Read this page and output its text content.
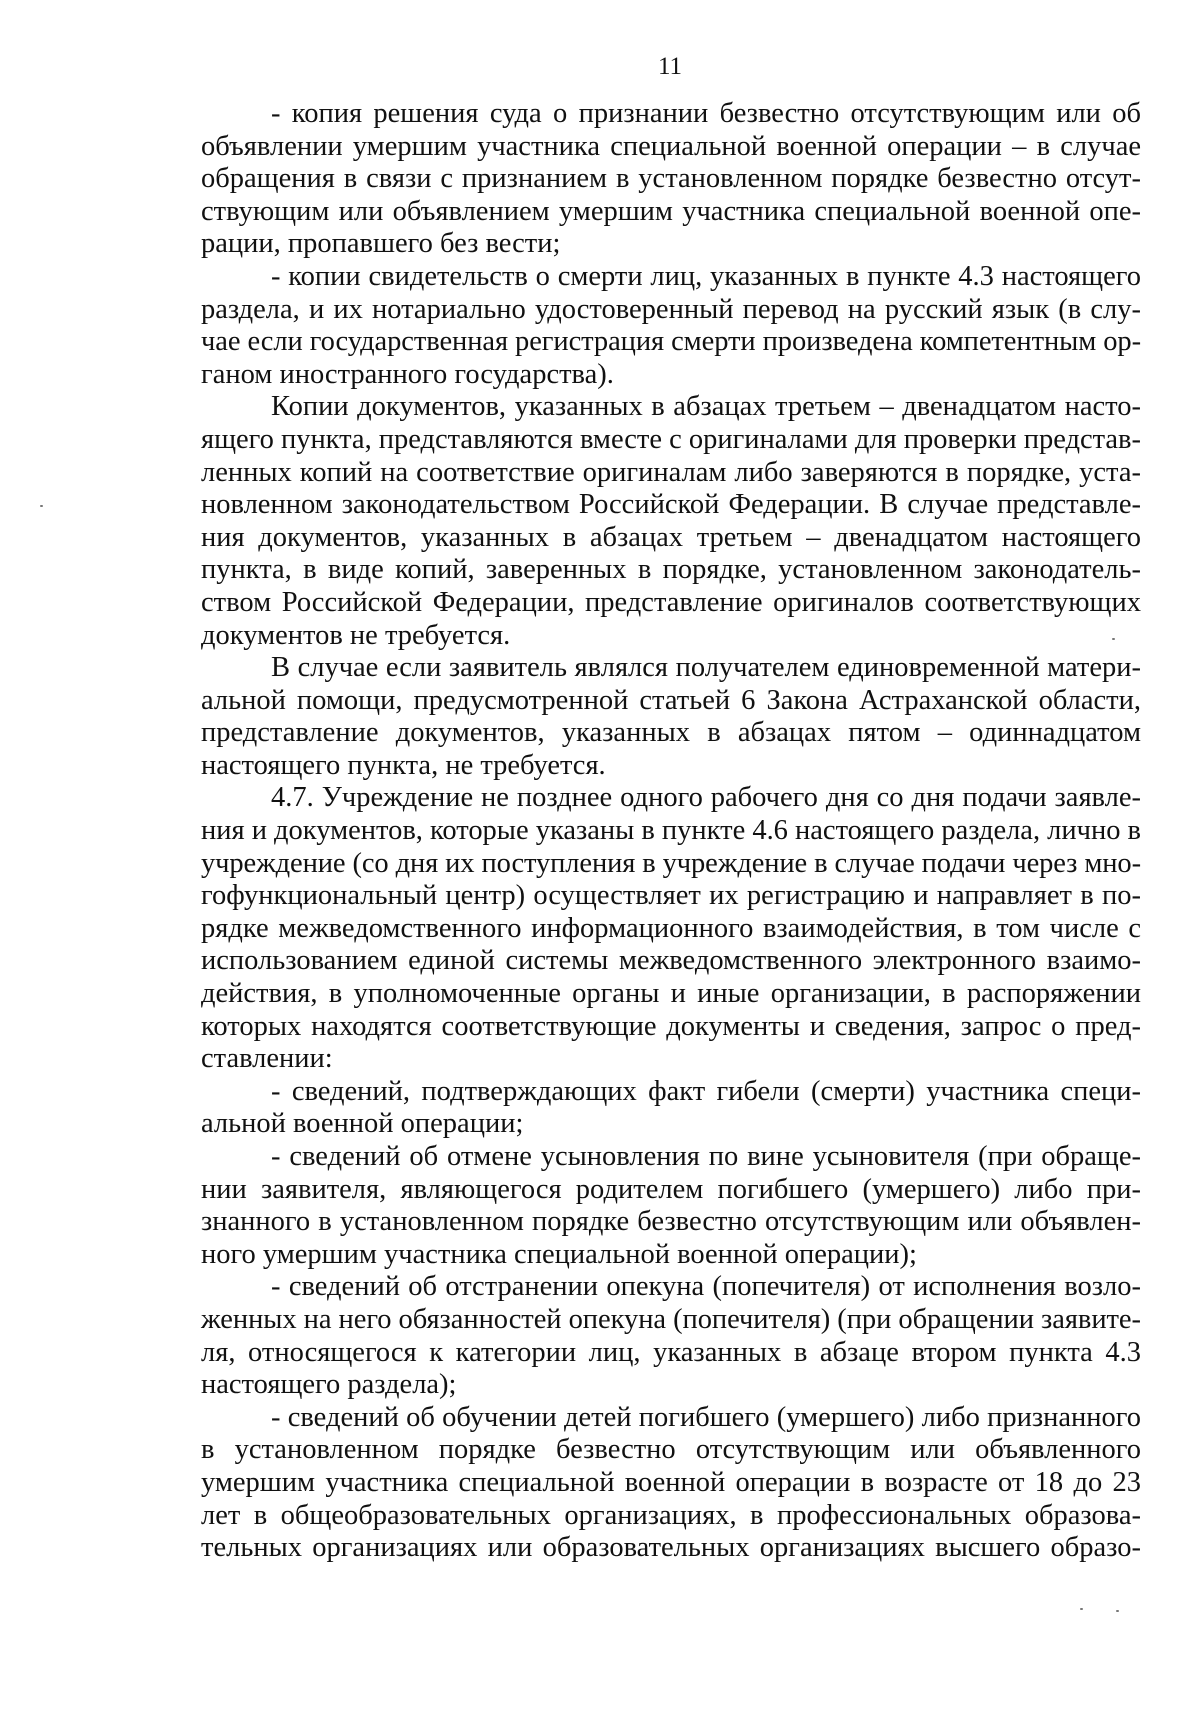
11

- копия решения суда о признании безвестно отсутствующим или об
объявлении умершим участника специальной военной операции – в случае
обращения в связи с признанием в установленном порядке безвестно отсут-
ствующим или объявлением умершим участника специальной военной опе-
рации, пропавшего без вести;

- копии свидетельств о смерти лиц, указанных в пункте 4.3 настоящего
раздела, и их нотариально удостоверенный перевод на русский язык (в слу-
чае если государственная регистрация смерти произведена компетентным ор-
ганом иностранного государства).

Копии документов, указанных в абзацах третьем – двенадцатом насто-
ящего пункта, представляются вместе с оригиналами для проверки представ-
ленных копий на соответствие оригиналам либо заверяются в порядке, уста-
новленном законодательством Российской Федерации. В случае представле-
ния документов, указанных в абзацах третьем – двенадцатом настоящего
пункта, в виде копий, заверенных в порядке, установленном законодатель-
ством Российской Федерации, представление оригиналов соответствующих
документов не требуется.

В случае если заявитель являлся получателем единовременной матери-
альной помощи, предусмотренной статьей 6 Закона Астраханской области,
представление документов, указанных в абзацах пятом – одиннадцатом
настоящего пункта, не требуется.

4.7. Учреждение не позднее одного рабочего дня со дня подачи заявле-
ния и документов, которые указаны в пункте 4.6 настоящего раздела, лично в
учреждение (со дня их поступления в учреждение в случае подачи через мно-
гофункциональный центр) осуществляет их регистрацию и направляет в по-
рядке межведомственного информационного взаимодействия, в том числе с
использованием единой системы межведомственного электронного взаимо-
действия, в уполномоченные органы и иные организации, в распоряжении
которых находятся соответствующие документы и сведения, запрос о пред-
ставлении:

- сведений, подтверждающих факт гибели (смерти) участника специ-
альной военной операции;

- сведений об отмене усыновления по вине усыновителя (при обраще-
нии заявителя, являющегося родителем погибшего (умершего) либо при-
знанного в установленном порядке безвестно отсутствующим или объявлен-
ного умершим участника специальной военной операции);

- сведений об отстранении опекуна (попечителя) от исполнения возло-
женных на него обязанностей опекуна (попечителя) (при обращении заявите-
ля, относящегося к категории лиц, указанных в абзаце втором пункта 4.3
настоящего раздела);

- сведений об обучении детей погибшего (умершего) либо признанного
в установленном порядке безвестно отсутствующим или объявленного
умершим участника специальной военной операции в возрасте от 18 до 23
лет в общеобразовательных организациях, в профессиональных образова-
тельных организациях или образовательных организациях высшего образо-
